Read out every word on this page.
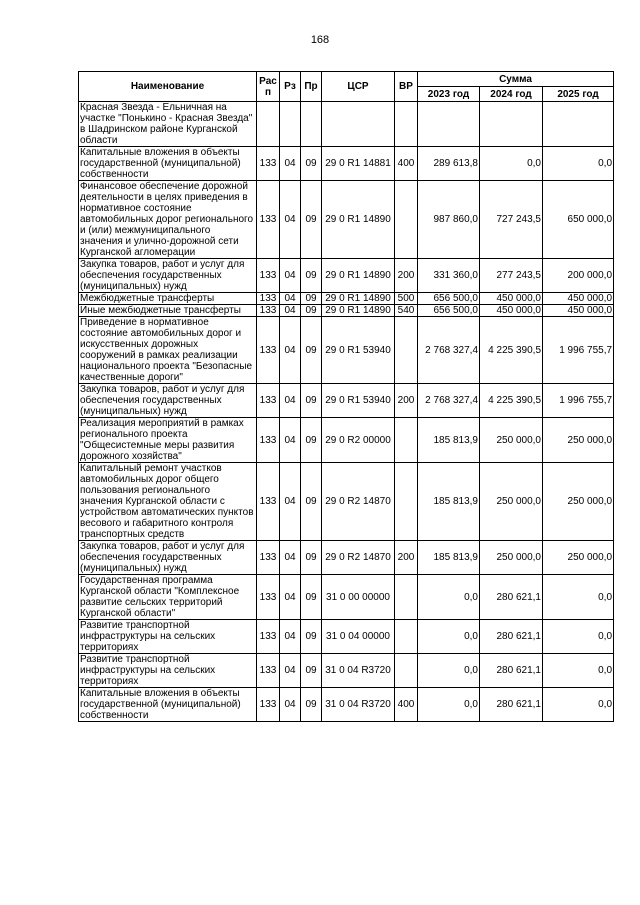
168
Наименование	Рас п	Рз	Пр	ЦСР	ВР	Сумма		
						2023 год	2024 год	2025 год
Красная Звезда - Ельничная на участке "Понькино - Красная Звезда" в Шадринском районе Курганской области								
Капитальные вложения в объекты государственной (муниципальной) собственности	133	04	09	29 0 R1 14881	400	289 613,8	0,0	0,0
Финансовое обеспечение дорожной деятельности в целях приведения в нормативное состояние автомобильных дорог регионального и (или) межмуниципального значения и улично-дорожной сети Курганской агломерации	133	04	09	29 0 R1 14890		987 860,0	727 243,5	650 000,0
Закупка товаров, работ и услуг для обеспечения государственных (муниципальных) нужд	133	04	09	29 0 R1 14890	200	331 360,0	277 243,5	200 000,0
Межбюджетные трансферты	133	04	09	29 0 R1 14890	500	656 500,0	450 000,0	450 000,0
Иные межбюджетные трансферты	133	04	09	29 0 R1 14890	540	656 500,0	450 000,0	450 000,0
Приведение в нормативное состояние автомобильных дорог и искусственных дорожных сооружений в рамках реализации национального проекта "Безопасные качественные дороги"	133	04	09	29 0 R1 53940		2 768 327,4	4 225 390,5	1 996 755,7
Закупка товаров, работ и услуг для обеспечения государственных (муниципальных) нужд	133	04	09	29 0 R1 53940	200	2 768 327,4	4 225 390,5	1 996 755,7
Реализация мероприятий в рамках регионального проекта "Общесистемные меры развития дорожного хозяйства"	133	04	09	29 0 R2 00000		185 813,9	250 000,0	250 000,0
Капитальный ремонт участков автомобильных дорог общего пользования регионального значения Курганской области с устройством автоматических пунктов весового и габаритного контроля транспортных средств	133	04	09	29 0 R2 14870		185 813,9	250 000,0	250 000,0
Закупка товаров, работ и услуг для обеспечения государственных (муниципальных) нужд	133	04	09	29 0 R2 14870	200	185 813,9	250 000,0	250 000,0
Государственная программа Курганской области "Комплексное развитие сельских территорий Курганской области"	133	04	09	31 0 00 00000		0,0	280 621,1	0,0
Развитие транспортной инфраструктуры на сельских территориях	133	04	09	31 0 04 00000		0,0	280 621,1	0,0
Развитие транспортной инфраструктуры на сельских территориях	133	04	09	31 0 04 R3720		0,0	280 621,1	0,0
Капитальные вложения в объекты государственной (муниципальной) собственности	133	04	09	31 0 04 R3720	400	0,0	280 621,1	0,0
